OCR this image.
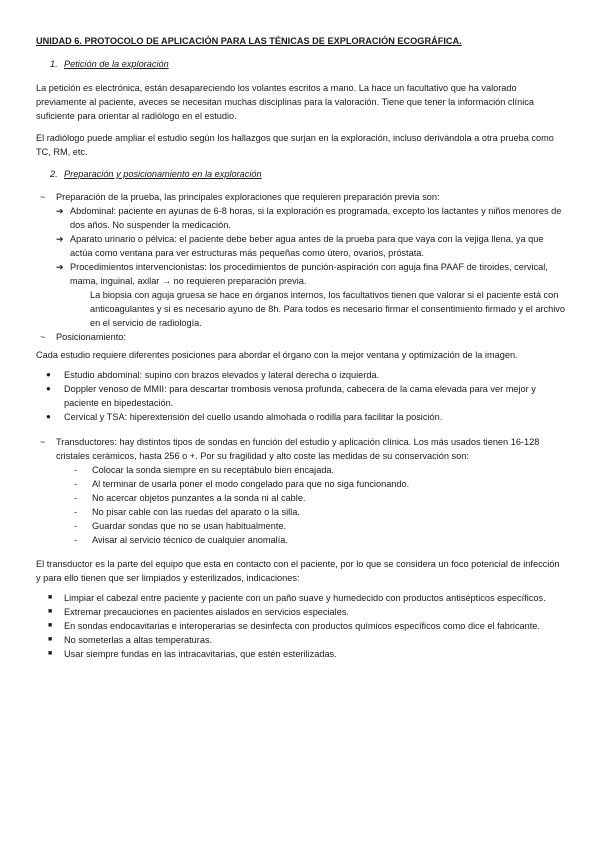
UNIDAD 6. PROTOCOLO DE APLICACIÓN PARA LAS TÉNICAS DE EXPLORACIÓN ECOGRÁFICA.

1. Petición de la exploración

La petición es electrónica, están desapareciendo los volantes escritos a mano. La hace un facultativo que ha valorado previamente al paciente, aveces se necesitan muchas disciplinas para la valoración. Tiene que tener la información clínica suficiente para orientar al radiólogo en el estudio.

El radiólogo puede ampliar el estudio según los hallazgos que surjan en la exploración, incluso derivándola a otra prueba como TC, RM, etc.

2. Preparación y posicionamiento en la exploración

~	Preparación de la prueba, las principales exploraciones que requieren preparación previa son:
➔ Abdominal: paciente en ayunas de 6-8 horas, si la exploración es programada, excepto los lactantes y niños menores de dos años. No suspender la medicación.
➔ Aparato urinario o pélvica: el paciente debe beber agua antes de la prueba para que vaya con la vejiga llena, ya que actúa como ventana para ver estructuras más pequeñas como útero, ovarios, próstata.
➔ Procedimientos intervencionistas: los procedimientos de punción-aspiración con aguja fina PAAF de tiroides, cervical, mama, inguinal, axilar → no requieren preparación previa.

La biopsia con aguja gruesa se hace en órganos internos, los facultativos tienen que valorar si el paciente está con anticoagulantes y si es necesario ayuno de 8h. Para todos es necesario firmar el consentimiento firmado y el archivo en el servicio de radiología.

~	Posicionamiento:

Cada estudio requiere diferentes posiciones para abordar el órgano con la mejor ventana y optimización de la imagen.

●	Estudio abdominal: supino con brazos elevados y lateral derecha o izquierda.
●	Doppler venoso de MMII: para descartar trombosis venosa profunda, cabecera de la cama elevada para ver mejor y paciente en bipedestación.
●	Cervical y TSA: hiperextensión del cuello usando almohada o rodilla para facilitar la posición.
~	Transductores: hay distintos tipos de sondas en función del estudio y aplicación clínica. Los más usados tienen 16-128 cristales cerámicos, hasta 256 o +. Por su fragilidad y alto coste las medidas de su conservación son:
-	Colocar la sonda siempre en su receptábulo bien encajada.
-	Al terminar de usarla poner el modo congelado para que no siga funcionando.
-	No acercar objetos punzantes a la sonda ni al cable.
-	No pisar cable con las ruedas del aparato o la silla.
-	Guardar sondas que no se usan habitualmente.
-	Avisar al servicio técnico de cualquier anomalía.

El transductor es la parte del equipo que esta en contacto con el paciente, por lo que se considera un foco potencial de infección y para ello tienen que ser limpiados y esterilizados, indicaciones:

■	Limpiar el cabezal entre paciente y paciente con un paño suave y humedecido con productos antisépticos específicos.
■	Extremar precauciones en pacientes aislados en servicios especiales.
■	En sondas endocavitarias e interoperarias se desinfecta con productos químicos específicos como dice el fabricante.
■	No someterlas a altas temperaturas.
■	Usar siempre fundas en las intracavitarias, que estén esterilizadas.
